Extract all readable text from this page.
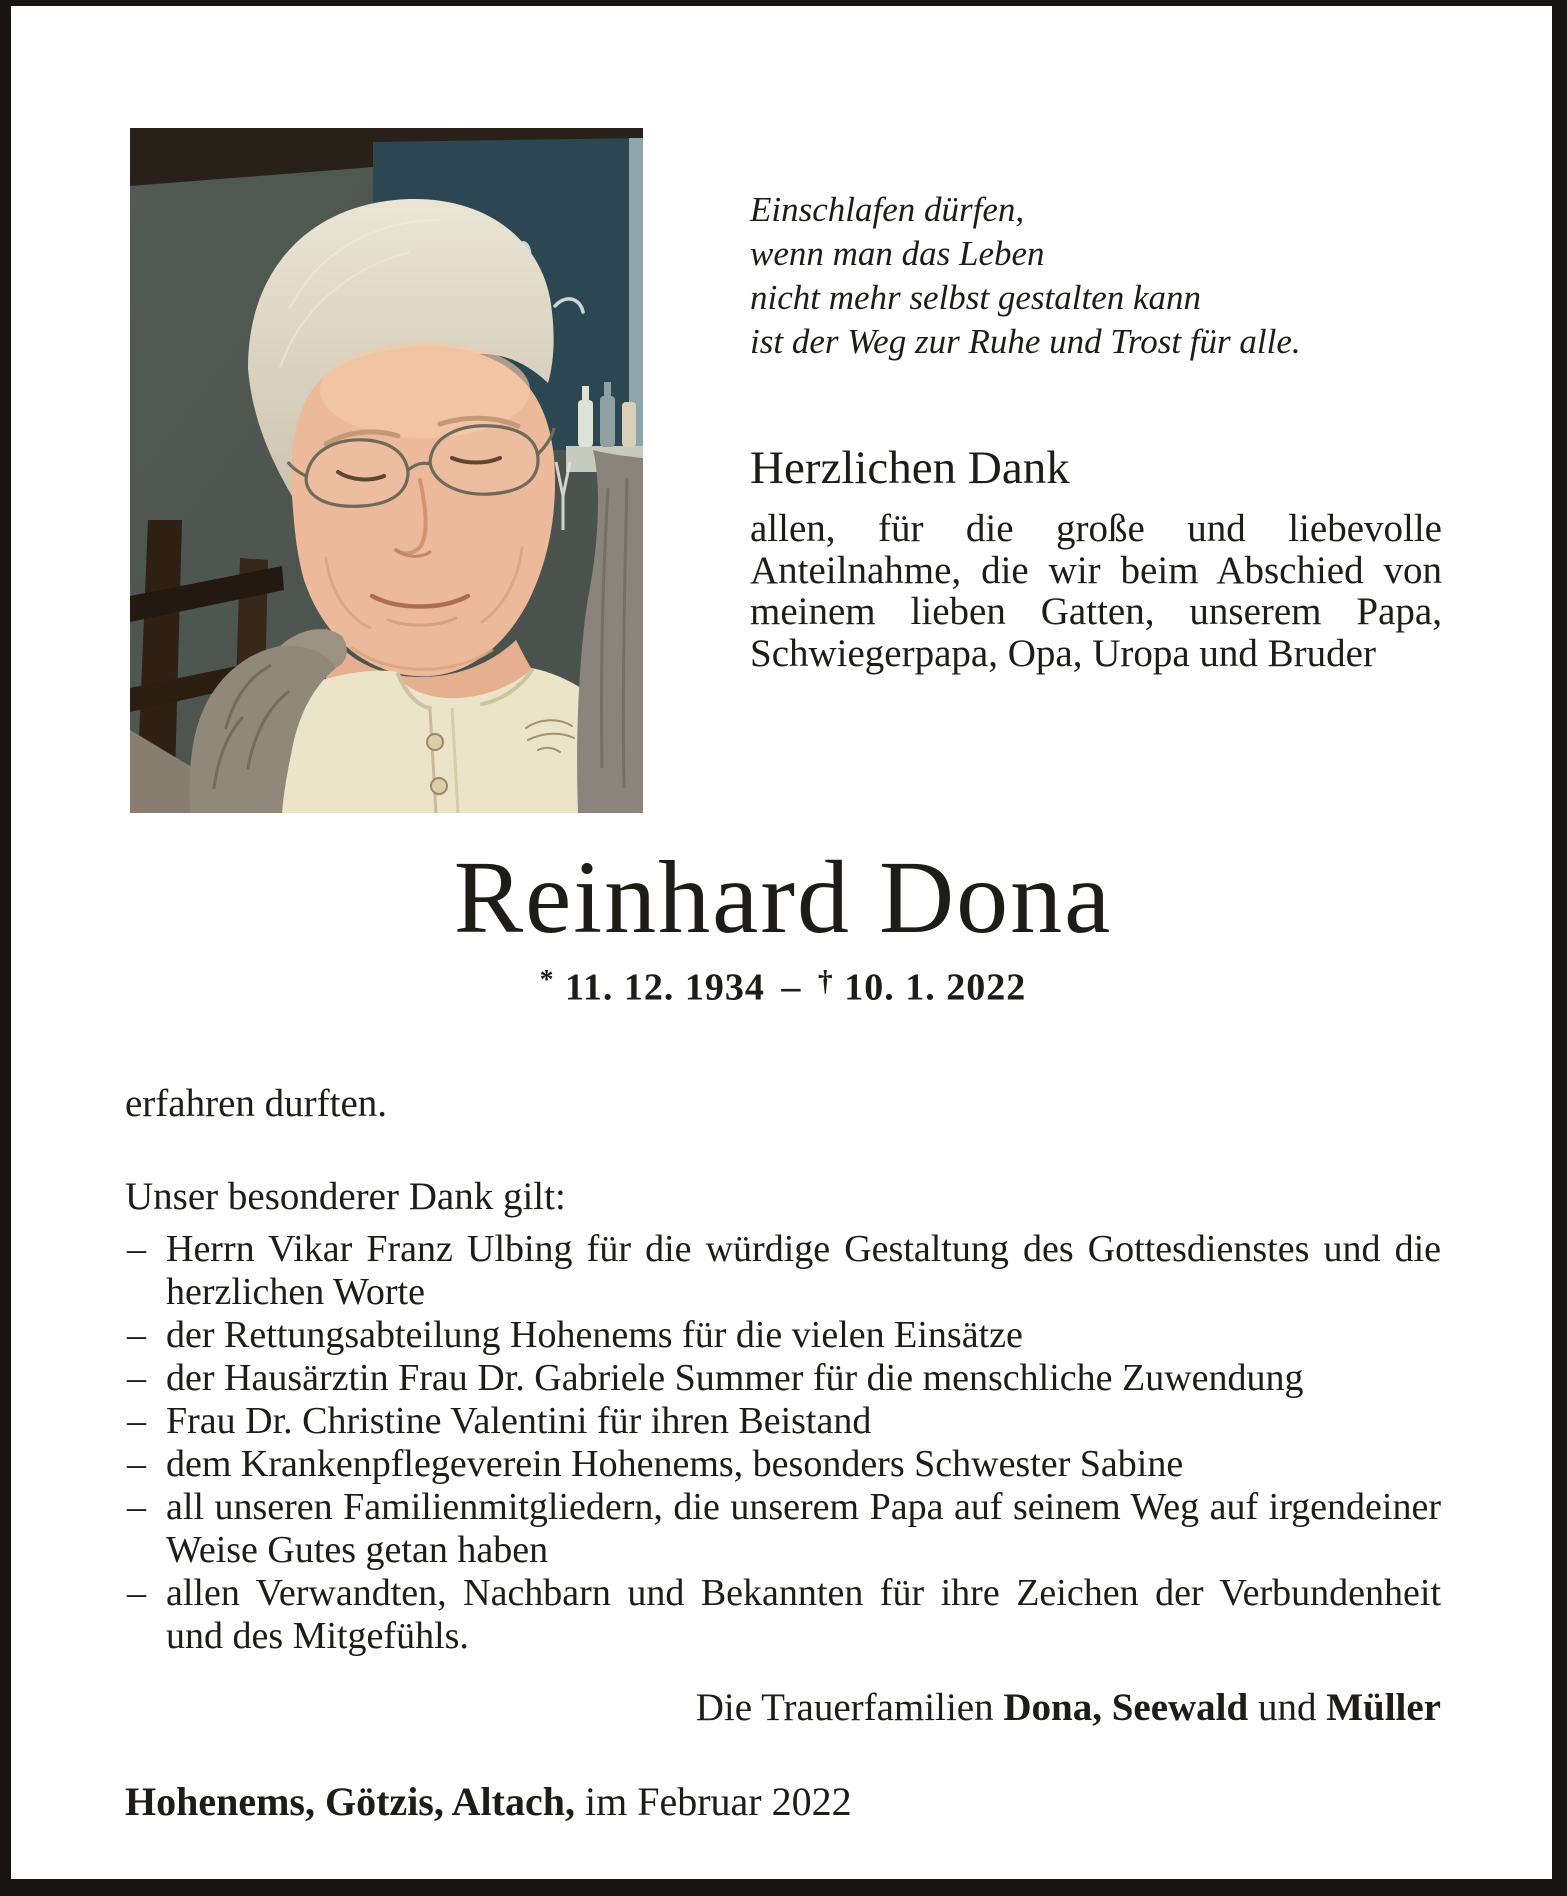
Einschlafen dürfen,
wenn man das Leben
nicht mehr selbst gestalten kann
ist der Weg zur Ruhe und Trost für alle.
Herzlichen Dank
allen, für die große und liebevolle Anteilnahme, die wir beim Abschied von meinem lieben Gatten, unserem Papa, Schwiegerpapa, Opa, Uropa und Bruder
Reinhard Dona
* 11. 12. 1934 – † 10. 1. 2022
erfahren durften.
Unser besonderer Dank gilt:
– Herrn Vikar Franz Ulbing für die würdige Gestaltung des Gottesdienstes und die herzlichen Worte
– der Rettungsabteilung Hohenems für die vielen Einsätze
– der Hausärztin Frau Dr. Gabriele Summer für die menschliche Zuwendung
– Frau Dr. Christine Valentini für ihren Beistand
– dem Krankenpflegeverein Hohenems, besonders Schwester Sabine
– all unseren Familienmitgliedern, die unserem Papa auf seinem Weg auf irgendeiner Weise Gutes getan haben
– allen Verwandten, Nachbarn und Bekannten für ihre Zeichen der Verbundenheit und des Mitgefühls.
Die Trauerfamilien Dona, Seewald und Müller
Hohenems, Götzis, Altach, im Februar 2022
